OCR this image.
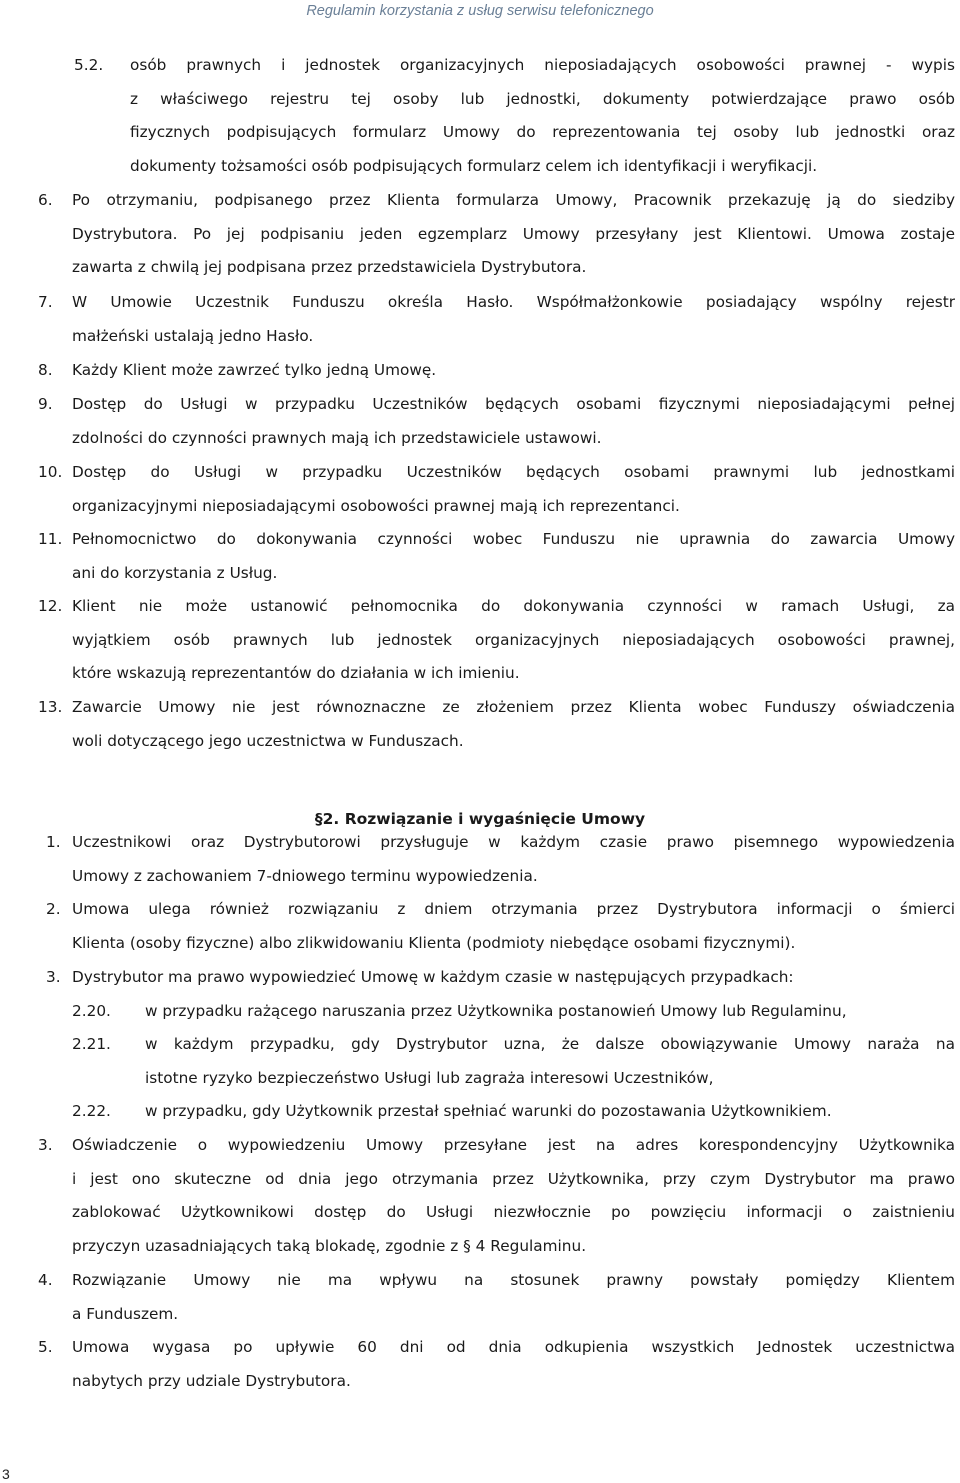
Regulamin korzystania z usług serwisu telefonicznego
5.2. osób prawnych i jednostek organizacyjnych nieposiadających osobowości prawnej - wypis
z właściwego rejestru tej osoby lub jednostki, dokumenty potwierdzające prawo osób
fizycznych podpisujących formularz Umowy do reprezentowania tej osoby lub jednostki oraz
dokumenty tożsamości osób podpisujących formularz celem ich identyfikacji i weryfikacji.
6. Po otrzymaniu, podpisanego przez Klienta formularza Umowy, Pracownik przekazuję ją do siedziby
Dystrybutora. Po jej podpisaniu jeden egzemplarz Umowy przesyłany jest Klientowi. Umowa zostaje
zawarta z chwilą jej podpisana przez przedstawiciela Dystrybutora.
7. W Umowie Uczestnik Funduszu określa Hasło. Współmałżonkowie posiadający wspólny rejestr
małżeński ustalają jedno Hasło.
8. Każdy Klient może zawrzeć tylko jedną Umowę.
9. Dostęp do Usługi w przypadku Uczestników będących osobami fizycznymi nieposiadającymi pełnej
zdolności do czynności prawnych mają ich przedstawiciele ustawowi.
10. Dostęp do Usługi w przypadku Uczestników będących osobami prawnymi lub jednostkami
organizacyjnymi nieposiadającymi osobowości prawnej mają ich reprezentanci.
11. Pełnomocnictwo do dokonywania czynności wobec Funduszu nie uprawnia do zawarcia Umowy
ani do korzystania z Usług.
12. Klient nie może ustanowić pełnomocnika do dokonywania czynności w ramach Usługi, za
wyjątkiem osób prawnych lub jednostek organizacyjnych nieposiadających osobowości prawnej,
które wskazują reprezentantów do działania w ich imieniu.
13. Zawarcie Umowy nie jest równoznaczne ze złożeniem przez Klienta wobec Funduszy oświadczenia
woli dotyczącego jego uczestnictwa w Funduszach.
1. Uczestnikowi oraz Dystrybutorowi przysługuje w każdym czasie prawo pisemnego wypowiedzenia
Umowy z zachowaniem 7-dniowego terminu wypowiedzenia.
2. Umowa ulega również rozwiązaniu z dniem otrzymania przez Dystrybutora informacji o śmierci
Klienta (osoby fizyczne) albo zlikwidowaniu Klienta (podmioty niebędące osobami fizycznymi).
3. Dystrybutor ma prawo wypowiedzieć Umowę w każdym czasie w następujących przypadkach:
2.20. w przypadku rażącego naruszania przez Użytkownika postanowień Umowy lub Regulaminu,
2.21. w każdym przypadku, gdy Dystrybutor uzna, że dalsze obowiązywanie Umowy naraża na
istotne ryzyko bezpieczeństwo Usługi lub zagraża interesowi Uczestników,
2.22. w przypadku, gdy Użytkownik przestał spełniać warunki do pozostawania Użytkownikiem.
3. Oświadczenie o wypowiedzeniu Umowy przesyłane jest na adres korespondencyjny Użytkownika
i jest ono skuteczne od dnia jego otrzymania przez Użytkownika, przy czym Dystrybutor ma prawo
zablokować Użytkownikowi dostęp do Usługi niezwłocznie po powzięciu informacji o zaistnieniu
przyczyn uzasadniających taką blokadę, zgodnie z § 4 Regulaminu.
4. Rozwiązanie Umowy nie ma wpływu na stosunek prawny powstały pomiędzy Klientem
a Funduszem.
5. Umowa wygasa po upływie 60 dni od dnia odkupienia wszystkich Jednostek uczestnictwa
nabytych przy udziale Dystrybutora.
§2. Rozwiązanie i wygaśnięcie Umowy
3
